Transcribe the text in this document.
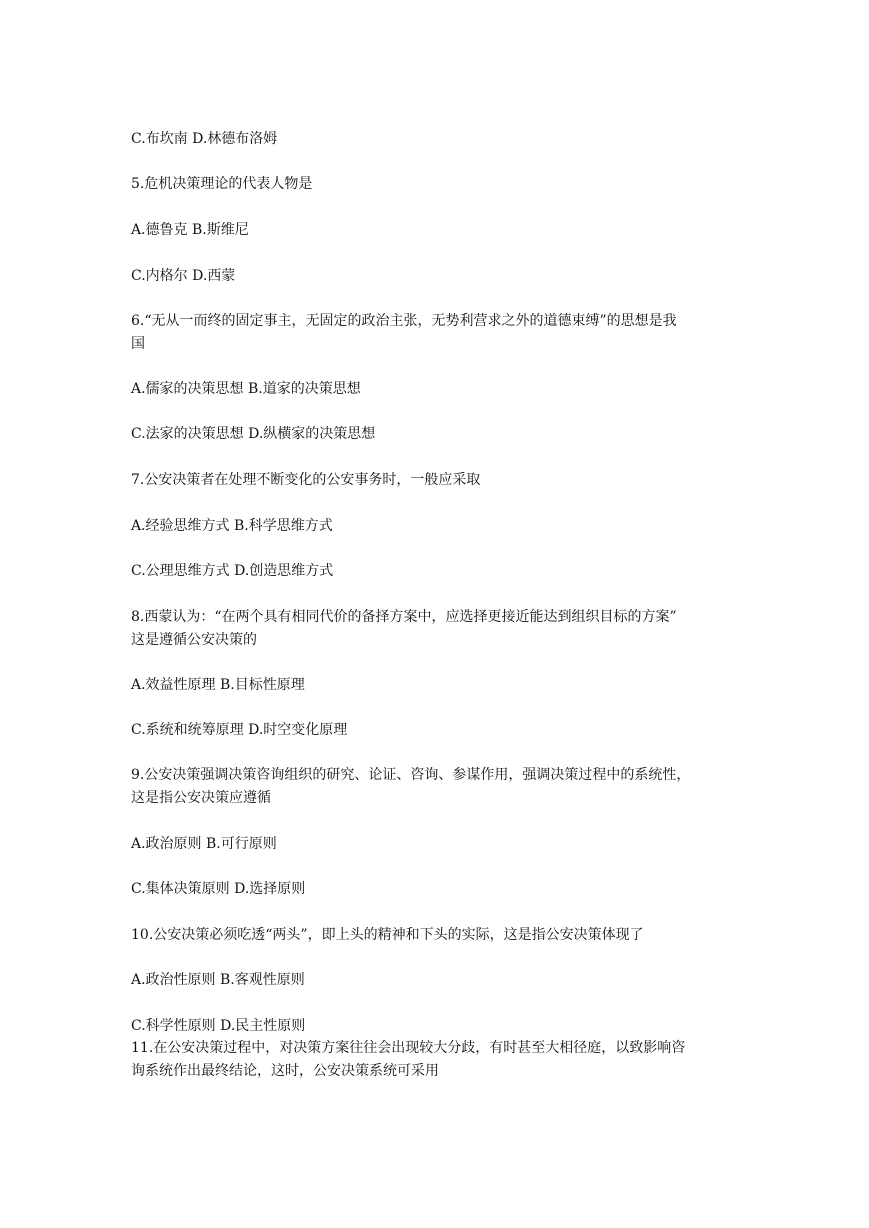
C.布坎南 D.林德布洛姆
5.危机决策理论的代表人物是
A.德鲁克 B.斯维尼
C.内格尔 D.西蒙
6.“无从一而终的固定事主，无固定的政治主张，无势利营求之外的道德束缚”的思想是我
国
A.儒家的决策思想 B.道家的决策思想
C.法家的决策思想 D.纵横家的决策思想
7.公安决策者在处理不断变化的公安事务时，一般应采取
A.经验思维方式 B.科学思维方式
C.公理思维方式 D.创造思维方式
8.西蒙认为：“在两个具有相同代价的备择方案中，应选择更接近能达到组织目标的方案”
这是遵循公安决策的
A.效益性原理 B.目标性原理
C.系统和统筹原理 D.时空变化原理
9.公安决策强调决策咨询组织的研究、论证、咨询、参谋作用，强调决策过程中的系统性，
这是指公安决策应遵循
A.政治原则 B.可行原则
C.集体决策原则 D.选择原则
10.公安决策必须吃透“两头”，即上头的精神和下头的实际，这是指公安决策体现了
A.政治性原则 B.客观性原则
C.科学性原则 D.民主性原则
11.在公安决策过程中，对决策方案往往会出现较大分歧，有时甚至大相径庭，以致影响咨
询系统作出最终结论，这时，公安决策系统可采用
